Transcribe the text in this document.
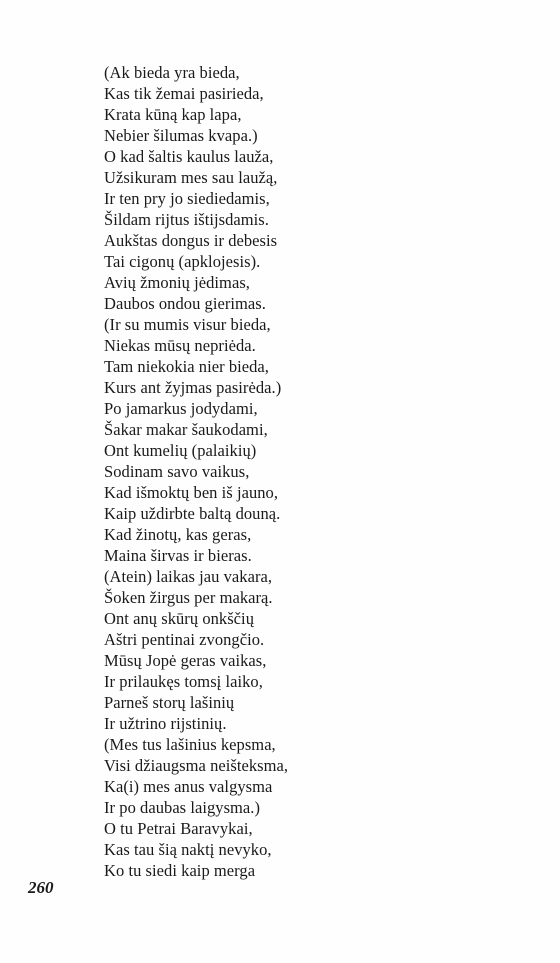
(Ak bieda yra bieda,
Kas tik žemai pasirieda,
Krata kūną kap lapa,
Nebier šilumas kvapa.)
O kad šaltis kaulus lauža,
Užsikuram mes sau laužą,
Ir ten pry jo siediedamis,
Šildam rijtus ištijsdamis.
Aukštas dongus ir debesis
Tai cigonų (apklojesis).
Avių žmonių jėdimas,
Daubos ondou gierimas.
(Ir su mumis visur bieda,
Niekas mūsų nepriėda.
Tam niekokia nier bieda,
Kurs ant žyjmas pasirėda.)
Po jamarkus jodydami,
Šakar makar šaukodami,
Ont kumelių (palaikių)
Sodinam savo vaikus,
Kad išmoktų ben iš jauno,
Kaip uždirbte baltą douną.
Kad žinotų, kas geras,
Maina širvas ir bieras.
(Atein) laikas jau vakara,
Šoken žirgus per makarą.
Ont anų skūrų onkščių
Aštri pentinai zvongčio.
Mūsų Jopė geras vaikas,
Ir prilaukęs tomsį laiko,
Parneš storų lašinių
Ir užtrino rijstinių.
(Mes tus lašinius kepsma,
Visi džiaugsma neišteksma,
Ka(i) mes anus valgysma
Ir po daubas laigysma.)
O tu Petrai Baravykai,
Kas tau šią naktį nevyko,
Ko tu siedi kaip merga
260
